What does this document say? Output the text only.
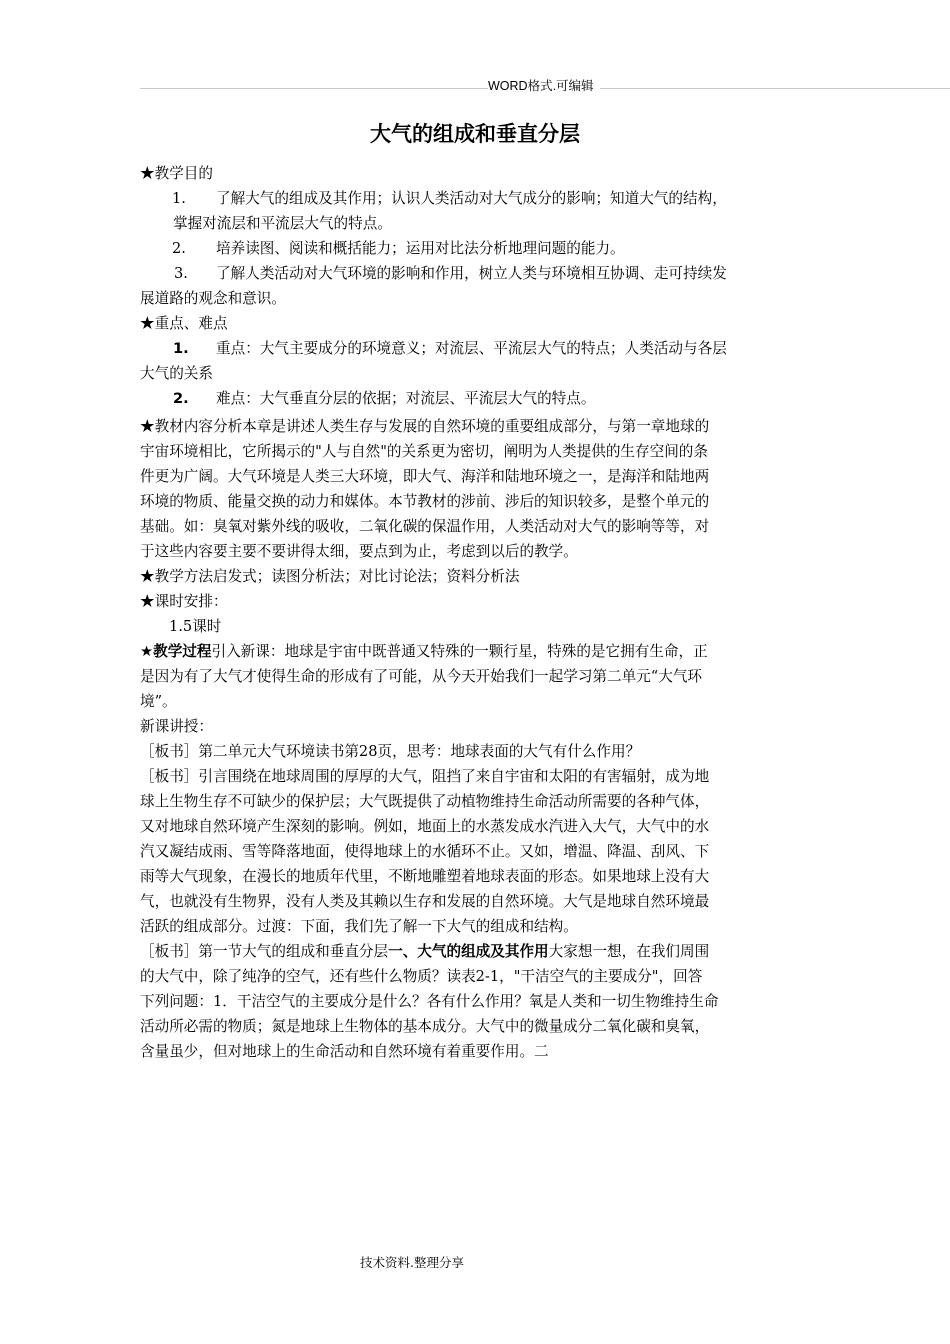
WORD格式.可编辑
大气的组成和垂直分层
★教学目的
1. 了解大气的组成及其作用；认识人类活动对大气成分的影响；知道大气的结构，
掌握对流层和平流层大气的特点。
2. 培养读图、阅读和概括能力；运用对比法分析地理问题的能力。
3. 了解人类活动对大气环境的影响和作用，树立人类与环境相互协调、走可持续发
展道路的观念和意识。
★重点、难点
1. 重点：大气主要成分的环境意义；对流层、平流层大气的特点；人类活动与各层
大气的关系
2. 难点：大气垂直分层的依据；对流层、平流层大气的特点。
★教材内容分析本章是讲述人类生存与发展的自然环境的重要组成部分，与第一章地球的
宇宙环境相比，它所揭示的"人与自然"的关系更为密切，阐明为人类提供的生存空间的条
件更为广阔。大气环境是人类三大环境，即大气、海洋和陆地环境之一，是海洋和陆地两
环境的物质、能量交换的动力和媒体。本节教材的涉前、涉后的知识较多，是整个单元的
基础。如：臭氧对紫外线的吸收，二氧化碳的保温作用，人类活动对大气的影响等等，对
于这些内容要主要不要讲得太细，要点到为止，考虑到以后的教学。
★教学方法启发式；读图分析法；对比讨论法；资料分析法
★课时安排：
1.5课时
★教学过程引入新课：地球是宇宙中既普通又特殊的一颗行星，特殊的是它拥有生命，正
是因为有了大气才使得生命的形成有了可能，从今天开始我们一起学习第二单元“大气环
境”。
新课讲授：
［板书］第二单元大气环境读书第28页，思考：地球表面的大气有什么作用？
［板书］引言围绕在地球周围的厚厚的大气，阻挡了来自宇宙和太阳的有害辐射，成为地
球上生物生存不可缺少的保护层；大气既提供了动植物维持生命活动所需要的各种气体，
又对地球自然环境产生深刻的影响。例如，地面上的水蒸发成水汽进入大气，大气中的水
汽又凝结成雨、雪等降落地面，使得地球上的水循环不止。又如，增温、降温、刮风、下
雨等大气现象，在漫长的地质年代里，不断地雕塑着地球表面的形态。如果地球上没有大
气，也就没有生物界，没有人类及其赖以生存和发展的自然环境。大气是地球自然环境最
活跃的组成部分。过渡：下面，我们先了解一下大气的组成和结构。
［板书］第一节大气的组成和垂直分层一、大气的组成及其作用大家想一想，在我们周围
的大气中，除了纯净的空气，还有些什么物质？读表2-1，"干洁空气的主要成分"，回答
下列问题：1．干洁空气的主要成分是什么？各有什么作用？氧是人类和一切生物维持生命
活动所必需的物质；氮是地球上生物体的基本成分。大气中的微量成分二氧化碳和臭氧，
含量虽少，但对地球上的生命活动和自然环境有着重要作用。二
技术资料.整理分享
